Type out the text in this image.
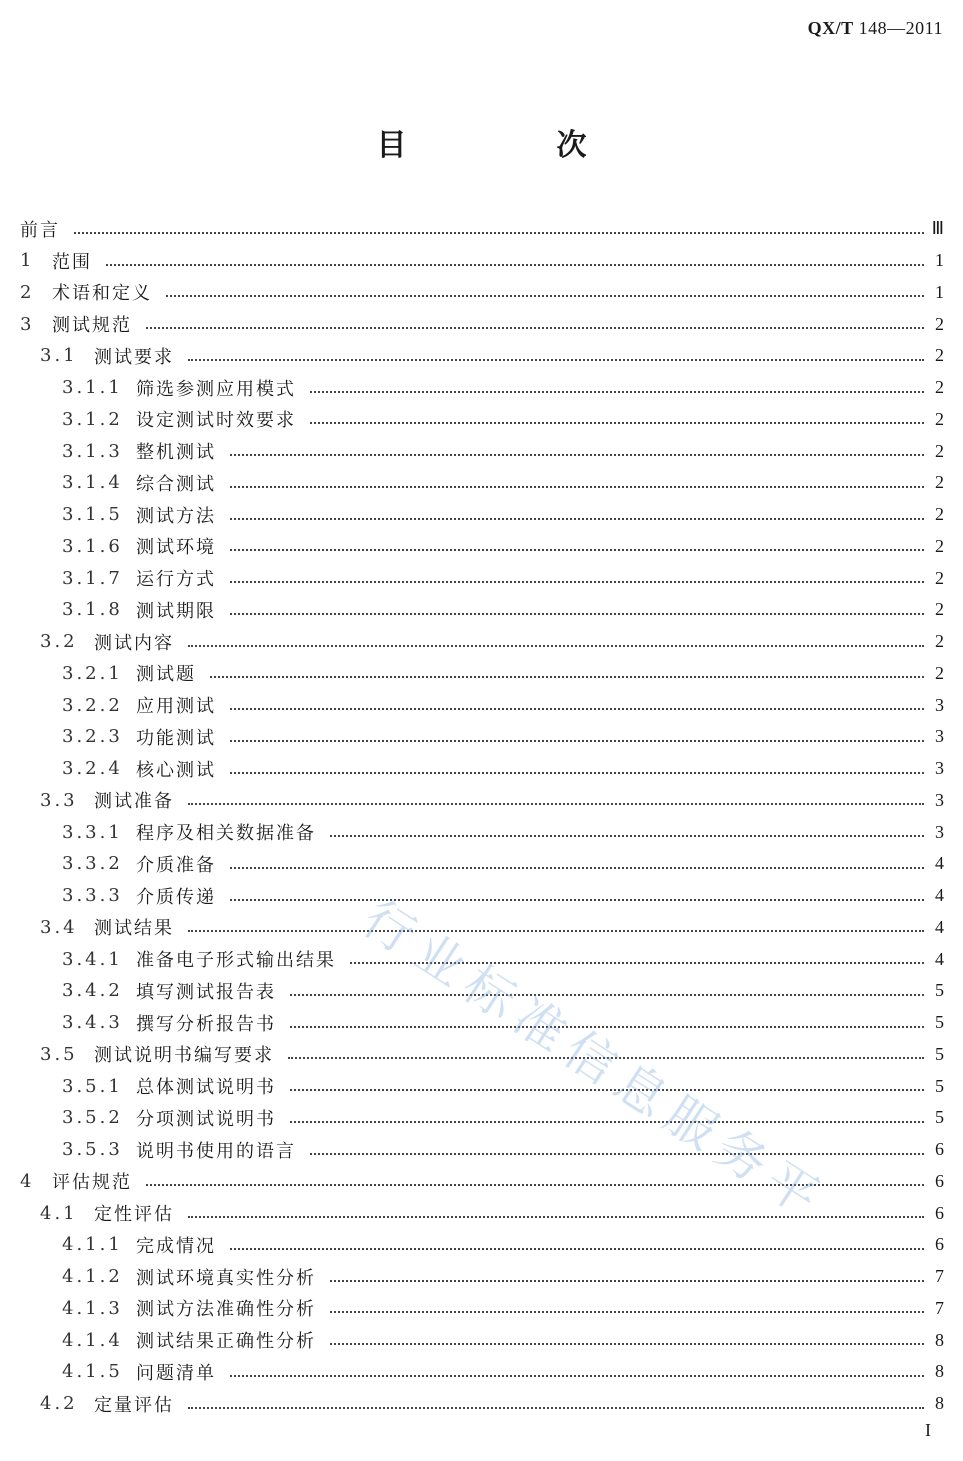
QX/T 148—2011
目　次
前言	Ⅲ
1 范围	1
2 术语和定义	1
3 测试规范	2
3.1 测试要求	2
3.1.1 筛选参测应用模式	2
3.1.2 设定测试时效要求	2
3.1.3 整机测试	2
3.1.4 综合测试	2
3.1.5 测试方法	2
3.1.6 测试环境	2
3.1.7 运行方式	2
3.1.8 测试期限	2
3.2 测试内容	2
3.2.1 测试题	2
3.2.2 应用测试	3
3.2.3 功能测试	3
3.2.4 核心测试	3
3.3 测试准备	3
3.3.1 程序及相关数据准备	3
3.3.2 介质准备	4
3.3.3 介质传递	4
3.4 测试结果	4
3.4.1 准备电子形式输出结果	4
3.4.2 填写测试报告表	5
3.4.3 撰写分析报告书	5
3.5 测试说明书编写要求	5
3.5.1 总体测试说明书	5
3.5.2 分项测试说明书	5
3.5.3 说明书使用的语言	6
4 评估规范	6
4.1 定性评估	6
4.1.1 完成情况	6
4.1.2 测试环境真实性分析	7
4.1.3 测试方法准确性分析	7
4.1.4 测试结果正确性分析	8
4.1.5 问题清单	8
4.2 定量评估	8
行业标准信息服务平
I
